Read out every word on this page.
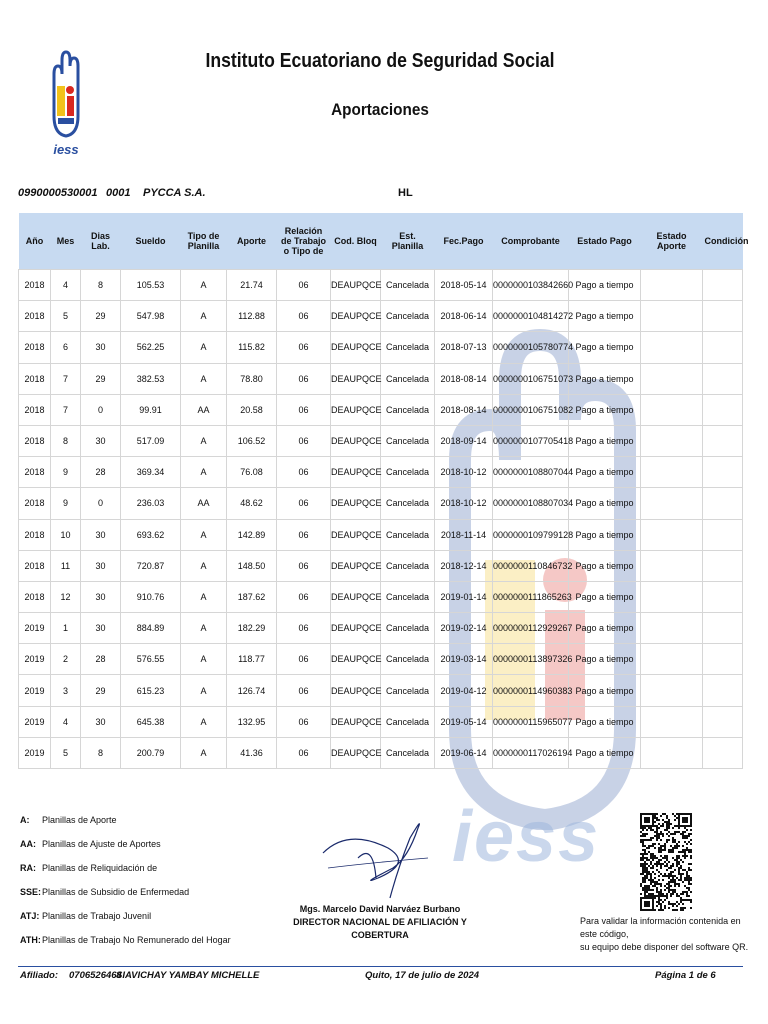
iess
Instituto Ecuatoriano de Seguridad Social
Aportaciones
0990000530001 0001 PYCCA S.A.	HL
Año	Mes	Dias Lab.	Sueldo	Tipo de Planilla	Aporte	Relación de Trabajo o Tipo de	Cod. Bloq	Est. Planilla	Fec.Pago	Comprobante	Estado Pago	Estado Aporte	Condición
2018	4	8	105.53	A	21.74	06	DEAUPQCE	Cancelada	2018-05-14	0000000103842660	Pago a tiempo		
2018	5	29	547.98	A	112.88	06	DEAUPQCE	Cancelada	2018-06-14	0000000104814272	Pago a tiempo		
2018	6	30	562.25	A	115.82	06	DEAUPQCE	Cancelada	2018-07-13	0000000105780774	Pago a tiempo		
2018	7	29	382.53	A	78.80	06	DEAUPQCE	Cancelada	2018-08-14	0000000106751073	Pago a tiempo		
2018	7	0	99.91	AA	20.58	06	DEAUPQCE	Cancelada	2018-08-14	0000000106751082	Pago a tiempo		
2018	8	30	517.09	A	106.52	06	DEAUPQCE	Cancelada	2018-09-14	0000000107705418	Pago a tiempo		
2018	9	28	369.34	A	76.08	06	DEAUPQCE	Cancelada	2018-10-12	0000000108807044	Pago a tiempo		
2018	9	0	236.03	AA	48.62	06	DEAUPQCE	Cancelada	2018-10-12	0000000108807034	Pago a tiempo		
2018	10	30	693.62	A	142.89	06	DEAUPQCE	Cancelada	2018-11-14	0000000109799128	Pago a tiempo		
2018	11	30	720.87	A	148.50	06	DEAUPQCE	Cancelada	2018-12-14	0000000110846732	Pago a tiempo		
2018	12	30	910.76	A	187.62	06	DEAUPQCE	Cancelada	2019-01-14	0000000111865263	Pago a tiempo		
2019	1	30	884.89	A	182.29	06	DEAUPQCE	Cancelada	2019-02-14	0000000112929267	Pago a tiempo		
2019	2	28	576.55	A	118.77	06	DEAUPQCE	Cancelada	2019-03-14	0000000113897326	Pago a tiempo		
2019	3	29	615.23	A	126.74	06	DEAUPQCE	Cancelada	2019-04-12	0000000114960383	Pago a tiempo		
2019	4	30	645.38	A	132.95	06	DEAUPQCE	Cancelada	2019-05-14	0000000115965077	Pago a tiempo		
2019	5	8	200.79	A	41.36	06	DEAUPQCE	Cancelada	2019-06-14	0000000117026194	Pago a tiempo		
A:	Planillas de Aporte
AA: Planillas de Ajuste de Aportes
RA: Planillas de Reliquidación de
SSE: Planillas de Subsidio de Enfermedad
ATJ: Planillas de Trabajo Juvenil
ATH: Planillas de Trabajo No Remunerado del Hogar
Mgs. Marcelo David Narváez Burbano
DIRECTOR NACIONAL DE AFILIACIÓN Y COBERTURA
iess
Para validar la información contenida en este código,
su equipo debe disponer del software QR.
Afiliado: 0706526464
SIAVICHAY YAMBAY MICHELLE	Quito, 17 de julio de 2024	Página 1 de 6
